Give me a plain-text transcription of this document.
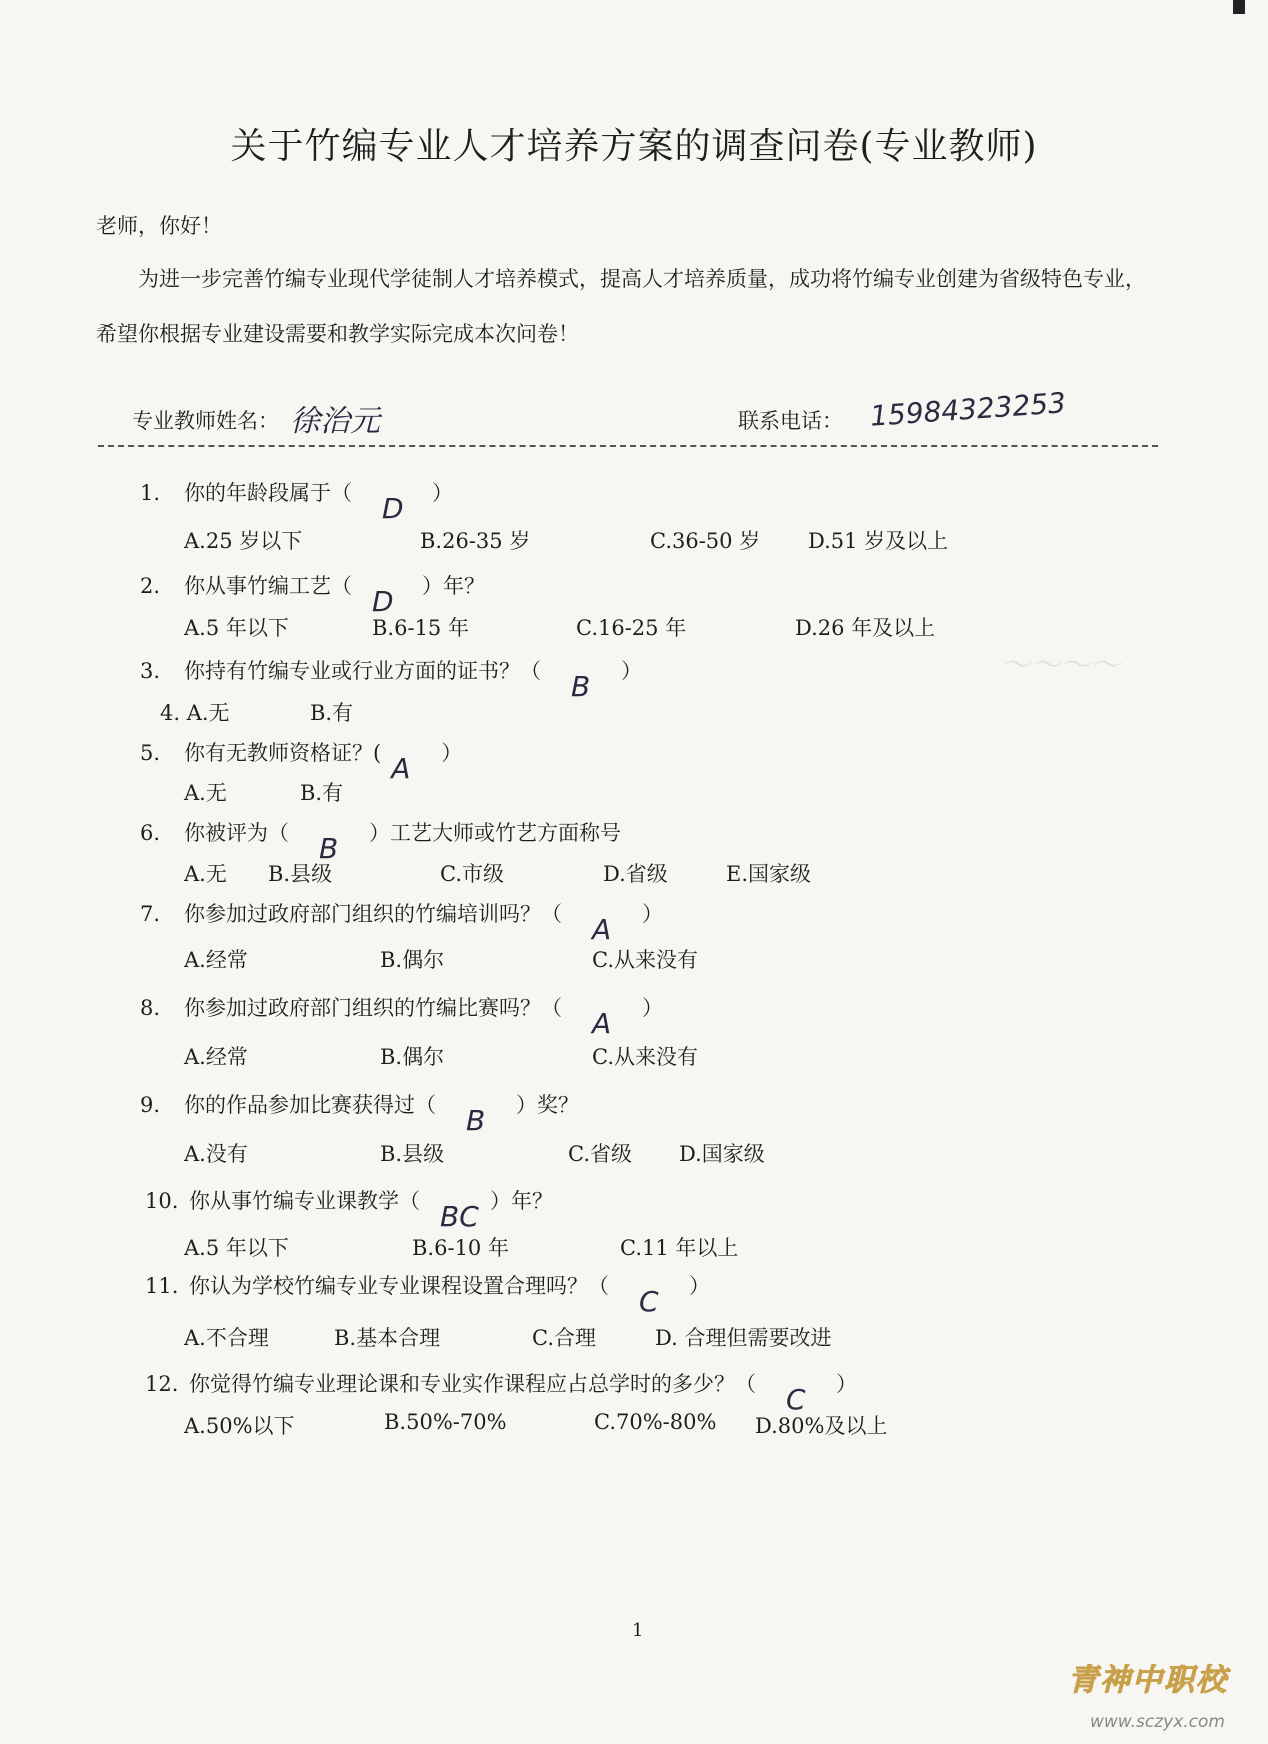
～～～～
关于竹编专业人才培养方案的调查问卷(专业教师)
老师，你好！
为进一步完善竹编专业现代学徒制人才培养模式，提高人才培养质量，成功将竹编专业创建为省级特色专业，
希望你根据专业建设需要和教学实际完成本次问卷！
专业教师姓名： 徐治元	联系电话： 15984323253
1. 你的年龄段属于（ D ）
A.25 岁以下	B.26-35 岁	C.36-50 岁 D.51 岁及以上
2. 你从事竹编工艺（ D ）年？
A.5 年以下	B.6-15 年	C.16-25 年	D.26 年及以上
3. 你持有竹编专业或行业方面的证书？（ B ）
4. A.无	B.有
5. 你有无教师资格证？( A ）
A.无	B.有
6. 你被评为（ B ）工艺大师或竹艺方面称号
A.无 B.县级	C.市级	D.省级	E.国家级
7. 你参加过政府部门组织的竹编培训吗？（ A ）
A.经常	B.偶尔	C.从来没有
8. 你参加过政府部门组织的竹编比赛吗？（ A ）
A.经常	B.偶尔	C.从来没有
9. 你的作品参加比赛获得过（ B ）奖？
A.没有	B.县级	C.省级 D.国家级
10. 你从事竹编专业课教学（ BC ）年？
A.5 年以下	B.6-10 年	C.11 年以上
11. 你认为学校竹编专业专业课程设置合理吗？（ C ）
A.不合理	B.基本合理	C.合理	D. 合理但需要改进
12. 你觉得竹编专业理论课和专业实作课程应占总学时的多少？（ C ）
A.50%以下	B.50%-70%	C.70%-80% D.80%及以上
1
青神中职校
www.sczyx.com
